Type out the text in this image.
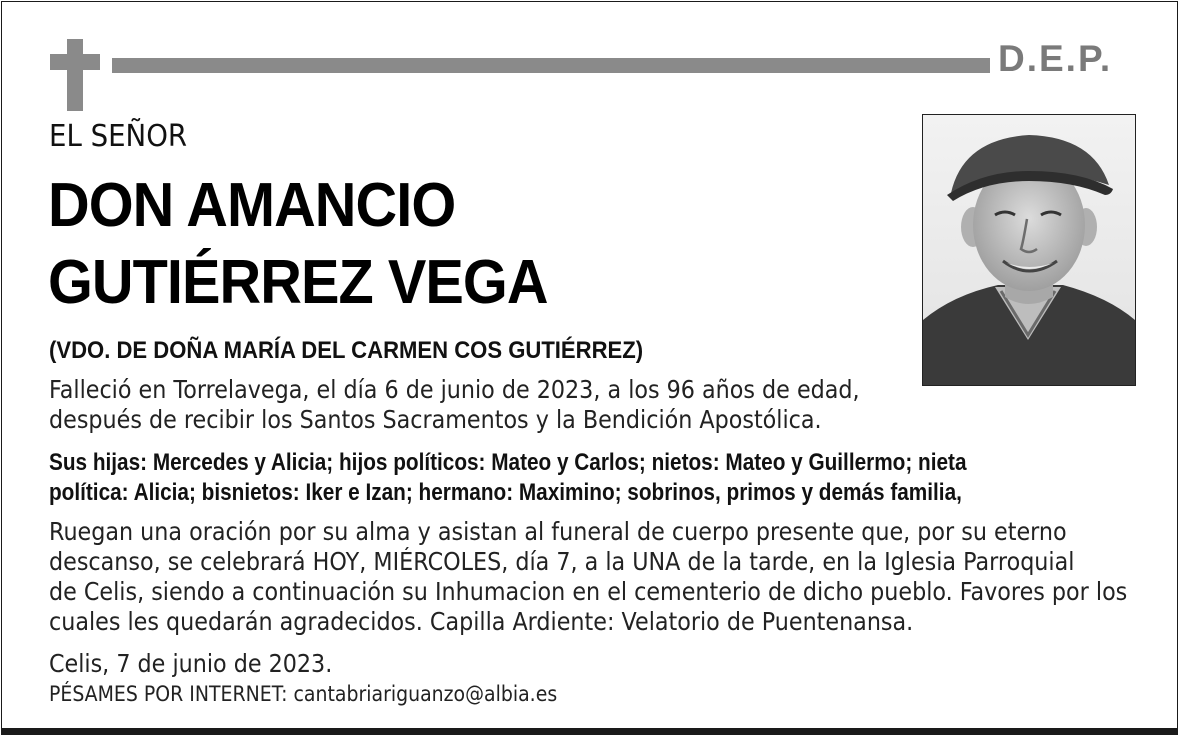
D.E.P.
EL SEÑOR
DON AMANCIO
GUTIÉRREZ VEGA
(VDO. DE DOÑA MARÍA DEL CARMEN COS GUTIÉRREZ)
Falleció en Torrelavega, el día 6 de junio de 2023, a los 96 años de edad,
después de recibir los Santos Sacramentos y la Bendición Apostólica.
Sus hijas: Mercedes y Alicia; hijos políticos: Mateo y Carlos; nietos: Mateo y Guillermo; nieta
política: Alicia; bisnietos: Iker e Izan; hermano: Maximino; sobrinos, primos y demás familia,
Ruegan una oración por su alma y asistan al funeral de cuerpo presente que, por su eterno
descanso, se celebrará HOY, MIÉRCOLES, día 7, a la UNA de la tarde, en la Iglesia Parroquial
de Celis, siendo a continuación su Inhumacion en el cementerio de dicho pueblo. Favores por los
cuales les quedarán agradecidos. Capilla Ardiente: Velatorio de Puentenansa.
Celis, 7 de junio de 2023.
PÉSAMES POR INTERNET: cantabriariguanzo@albia.es
